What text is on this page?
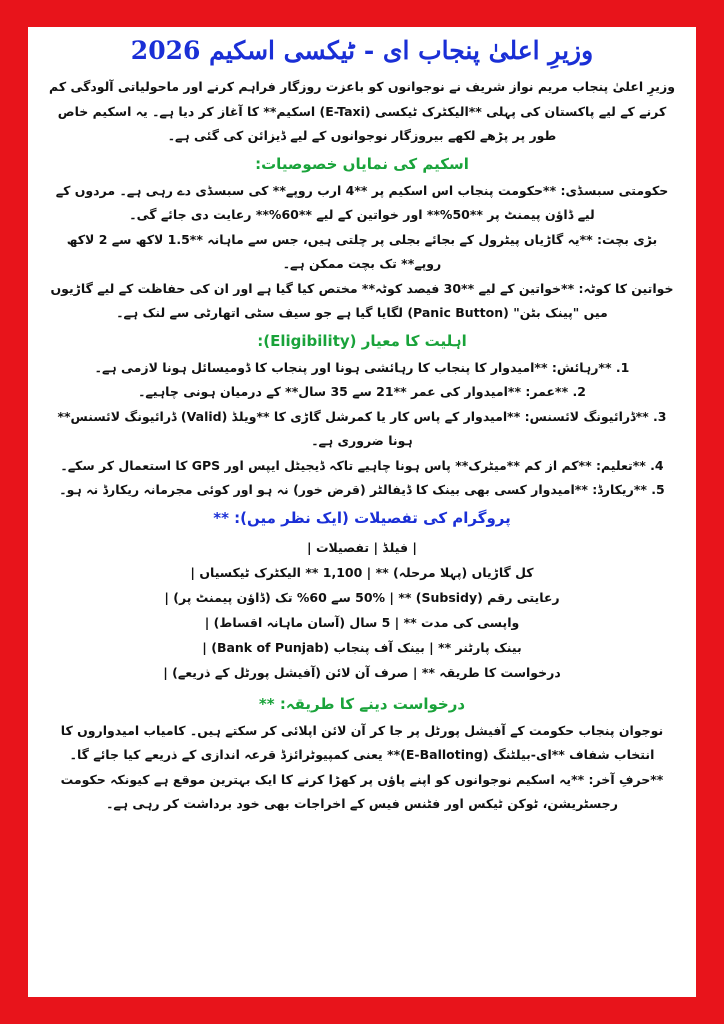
وزیرِ اعلیٰ پنجاب ای - ٹیکسی اسکیم 2026

وزیرِ اعلیٰ پنجاب مریم نواز شریف نے نوجوانوں کو باعزت روزگار فراہم کرنے اور ماحولیاتی آلودگی کم کرنے کے لیے پاکستان کی پہلی **الیکٹرک ٹیکسی (E-Taxi) اسکیم** کا آغاز کر دیا ہے۔ یہ اسکیم خاص طور پر پڑھے لکھے بیروزگار نوجوانوں کے لیے ڈیزائن کی گئی ہے۔

اسکیم کی نمایاں خصوصیات:

حکومتی سبسڈی: **حکومت پنجاب اس اسکیم پر **4 ارب روپے** کی سبسڈی دے رہی ہے۔ مردوں کے لیے ڈاؤن پیمنٹ پر **50%** اور خواتین کے لیے **60%** رعایت دی جائے گی۔

بڑی بچت: **یہ گاڑیاں پیٹرول کے بجائے بجلی پر چلتی ہیں، جس سے ماہانہ **1.5 لاکھ سے 2 لاکھ روپے** تک بچت ممکن ہے۔

خواتین کا کوٹہ: **خواتین کے لیے **30 فیصد کوٹہ** مختص کیا گیا ہے اور ان کی حفاظت کے لیے گاڑیوں میں "پینک بٹن" (Panic Button) لگایا گیا ہے جو سیف سٹی اتھارٹی سے لنک ہے۔

اہلیت کا معیار (Eligibility):

1. **رہائش: **امیدوار کا پنجاب کا رہائشی ہونا اور پنجاب کا ڈومیسائل ہونا لازمی ہے۔

2. **عمر: **امیدوار کی عمر **21 سے 35 سال** کے درمیان ہونی چاہیے۔

3. **ڈرائیونگ لائسنس: **امیدوار کے پاس کار یا کمرشل گاڑی کا **ویلڈ (Valid) ڈرائیونگ لائسنس** ہونا ضروری ہے۔

4. **تعلیم: **کم از کم **میٹرک** پاس ہونا چاہیے تاکہ ڈیجیٹل ایپس اور GPS کا استعمال کر سکے۔

5. **ریکارڈ: **امیدوار کسی بھی بینک کا ڈیفالٹر (قرض خور) نہ ہو اور کوئی مجرمانہ ریکارڈ نہ ہو۔

پروگرام کی تفصیلات (ایک نظر میں): **

| فیلڈ | تفصیلات |

کل گاڑیاں (پہلا مرحلہ) ** | 1,100 ** الیکٹرک ٹیکسیاں |

رعایتی رقم (Subsidy) ** | 50% سے 60% تک (ڈاؤن پیمنٹ پر) |

واپسی کی مدت ** | 5 سال (آسان ماہانہ اقساط) |

بینک پارٹنر ** | بینک آف پنجاب (Bank of Punjab) |

درخواست کا طریقہ ** | صرف آن لائن (آفیشل پورٹل کے ذریعے) |

درخواست دینے کا طریقہ: **

نوجوان پنجاب حکومت کے آفیشل پورٹل پر جا کر آن لائن اپلائی کر سکتے ہیں۔ کامیاب امیدواروں کا انتخاب شفاف **ای-بیلٹنگ (E-Balloting)** یعنی کمپیوٹرائزڈ قرعہ اندازی کے ذریعے کیا جائے گا۔

**حرفِ آخر: **یہ اسکیم نوجوانوں کو اپنے پاؤں پر کھڑا کرنے کا ایک بہترین موقع ہے کیونکہ حکومت رجسٹریشن، ٹوکن ٹیکس اور فٹنس فیس کے اخراجات بھی خود برداشت کر رہی ہے۔
